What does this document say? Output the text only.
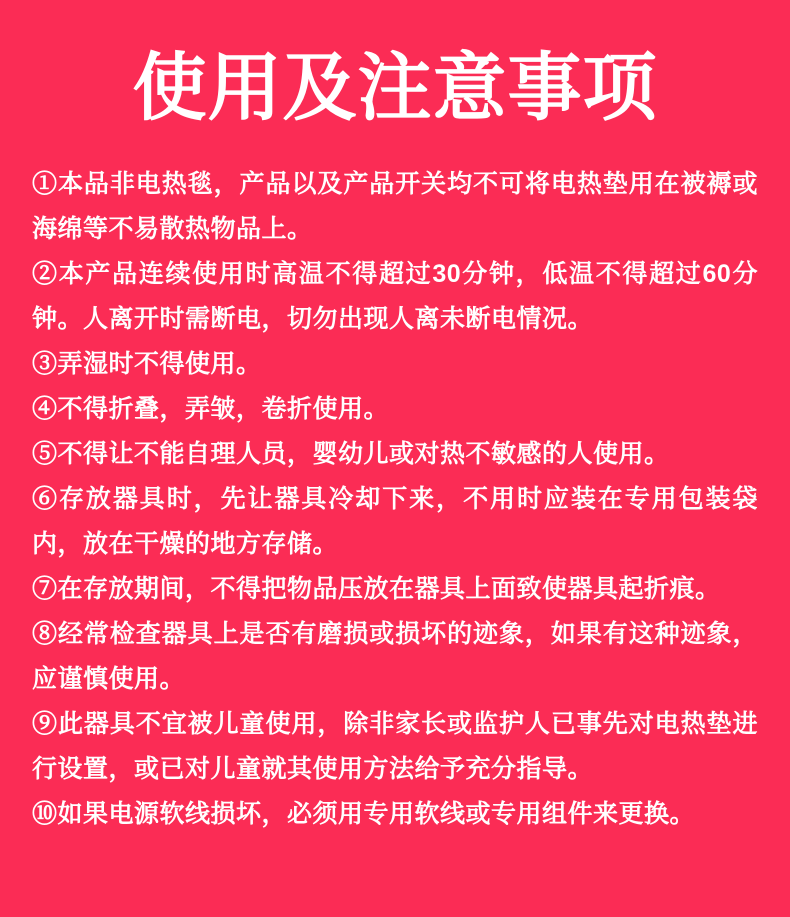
使用及注意事项

①本品非电热毯，产品以及产品开关均不可将电热垫用在被褥或海绵等不易散热物品上。

②本产品连续使用时高温不得超过30分钟，低温不得超过60分钟。人离开时需断电，切勿出现人离未断电情况。

③弄湿时不得使用。

④不得折叠，弄皱，卷折使用。

⑤不得让不能自理人员，婴幼儿或对热不敏感的人使用。

⑥存放器具时，先让器具冷却下来，不用时应装在专用包装袋内，放在干燥的地方存储。

⑦在存放期间，不得把物品压放在器具上面致使器具起折痕。

⑧经常检查器具上是否有磨损或损坏的迹象，如果有这种迹象，应谨慎使用。

⑨此器具不宜被儿童使用，除非家长或监护人已事先对电热垫进行设置，或已对儿童就其使用方法给予充分指导。

⑩如果电源软线损坏，必须用专用软线或专用组件来更换。
